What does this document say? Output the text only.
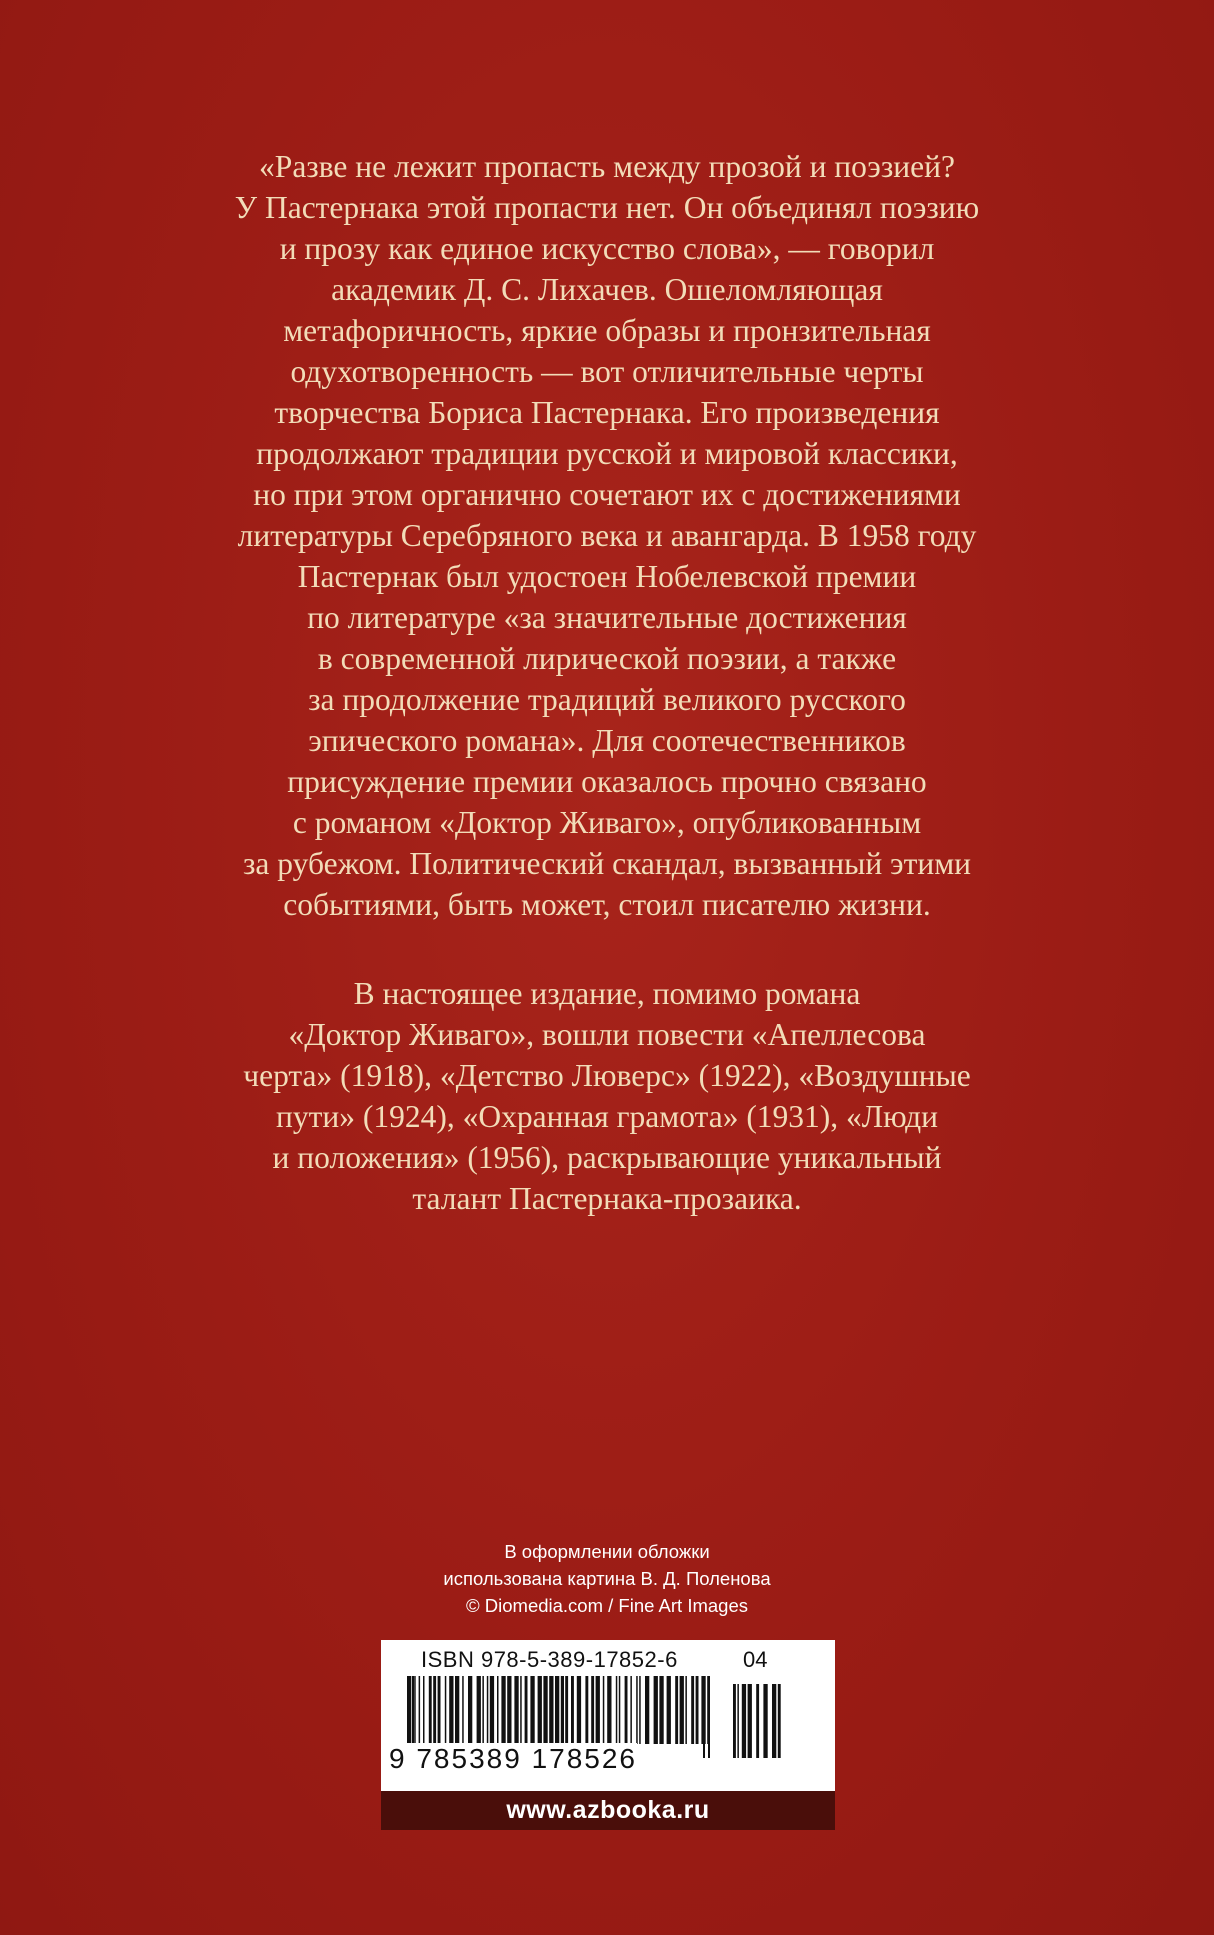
«Разве не лежит пропасть между прозой и поэзией?
У Пастернака этой пропасти нет. Он объединял поэзию
и прозу как единое искусство слова», — говорил
академик Д. С. Лихачев. Ошеломляющая
метафоричность, яркие образы и пронзительная
одухотворенность — вот отличительные черты
творчества Бориса Пастернака. Его произведения
продолжают традиции русской и мировой классики,
но при этом органично сочетают их с достижениями
литературы Серебряного века и авангарда. В 1958 году
Пастернак был удостоен Нобелевской премии
по литературе «за значительные достижения
в современной лирической поэзии, а также
за продолжение традиций великого русского
эпического романа». Для соотечественников
присуждение премии оказалось прочно связано
с романом «Доктор Живаго», опубликованным
за рубежом. Политический скандал, вызванный этими
событиями, быть может, стоил писателю жизни.
В настоящее издание, помимо романа
«Доктор Живаго», вошли повести «Апеллесова
черта» (1918), «Детство Люверс» (1922), «Воздушные
пути» (1924), «Охранная грамота» (1931), «Люди
и положения» (1956), раскрывающие уникальный
талант Пастернака-прозаика.
В оформлении обложки
использована картина В. Д. Поленова
© Diomedia.com / Fine Art Images
ISBN 978-5-389-17852-6	04
9 785389 178526
www.azbooka.ru
